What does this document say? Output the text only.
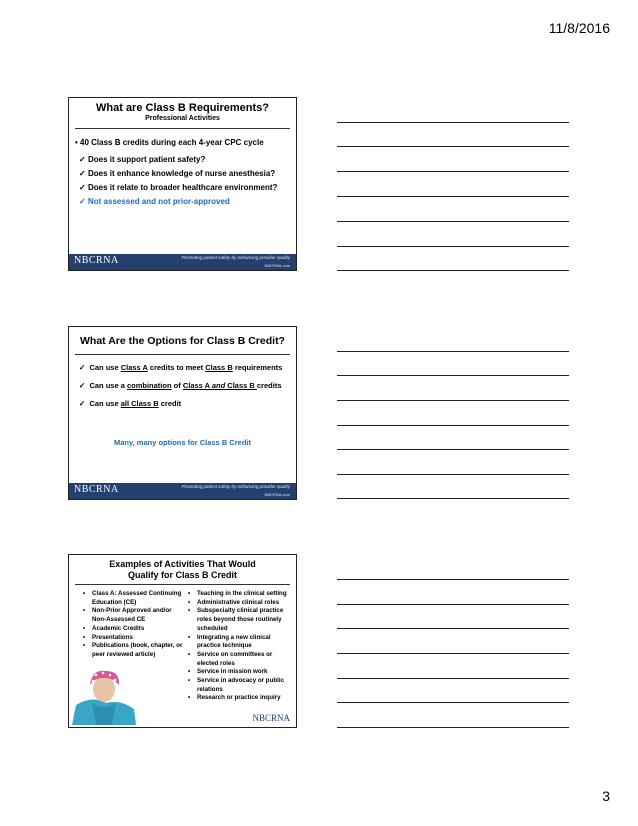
11/8/2016
What are Class B Requirements?
Professional Activities
• 40 Class B credits during each 4-year CPC cycle
✓ Does it support patient safety?
✓ Does it enhance knowledge of nurse anesthesia?
✓ Does it relate to broader healthcare environment?
✓ Not assessed and not prior-approved
NBCRNA	Promoting patient safety by enhancing provider quality
NBCRNA.com
What Are the Options for Class B Credit?
✓  Can use Class A credits to meet Class B requirements
✓  Can use a combination of Class A and Class B credits
✓  Can use all Class B credit
Many, many options for Class B Credit
NBCRNA	Promoting patient safety by enhancing provider quality
NBCRNA.com
Examples of Activities That Would
Qualify for Class B Credit
•	Class A: Assessed Continuing Education (CE)
•	Non-Prior Approved and/or Non-Assessed CE
•	Academic Credits
•	Presentations
•	Publications (book, chapter, or peer reviewed article)
•	Teaching in the clinical setting
•	Administrative clinical roles
•	Subspecialty clinical practice roles beyond those routinely scheduled
•	Integrating a new clinical practice technique
•	Service on committees or elected roles
•	Service in mission work
•	Service in advocacy or public relations
•	Research or practice inquiry
NBCRNA
3
